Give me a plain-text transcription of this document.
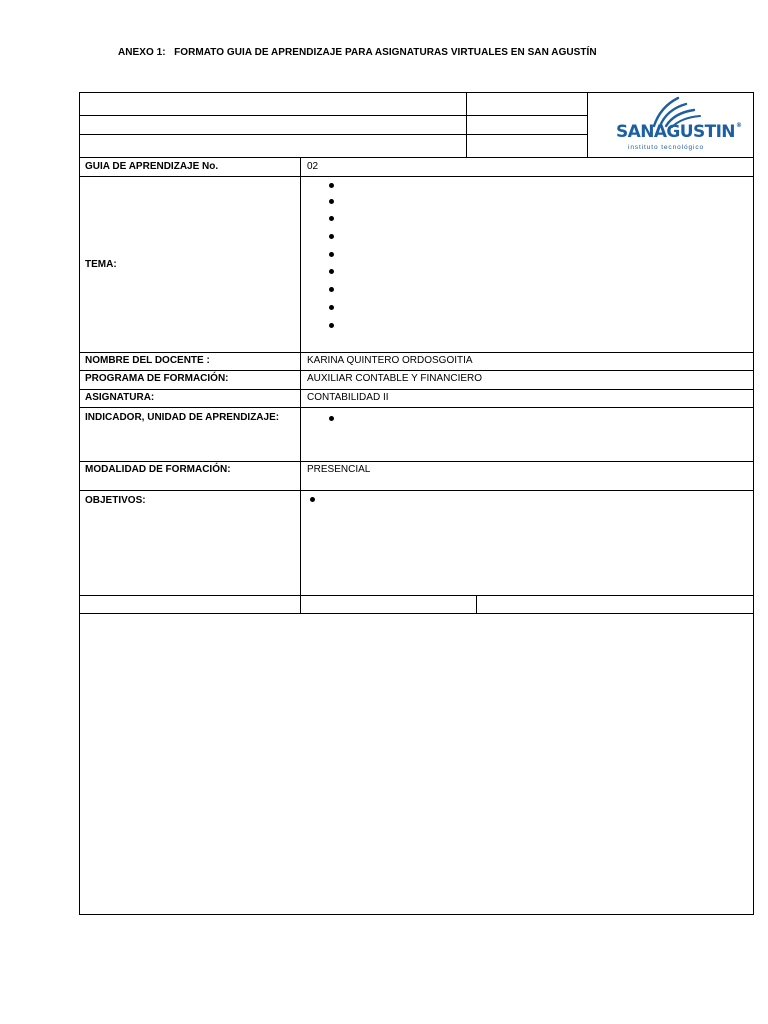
ANEXO 1:   FORMATO GUIA DE APRENDIZAJE PARA ASIGNATURAS VIRTUALES EN SAN AGUSTÍN
SANAGUSTIN®
instituto tecnológico
GUIA DE APRENDIZAJE No.	02
TEMA:
NOMBRE DEL DOCENTE :	KARINA QUINTERO ORDOSGOITIA
PROGRAMA DE FORMACIÓN:	AUXILIAR CONTABLE Y FINANCIERO
ASIGNATURA:	CONTABILIDAD II
INDICADOR, UNIDAD DE APRENDIZAJE:
MODALIDAD DE FORMACIÓN:	PRESENCIAL
OBJETIVOS:
